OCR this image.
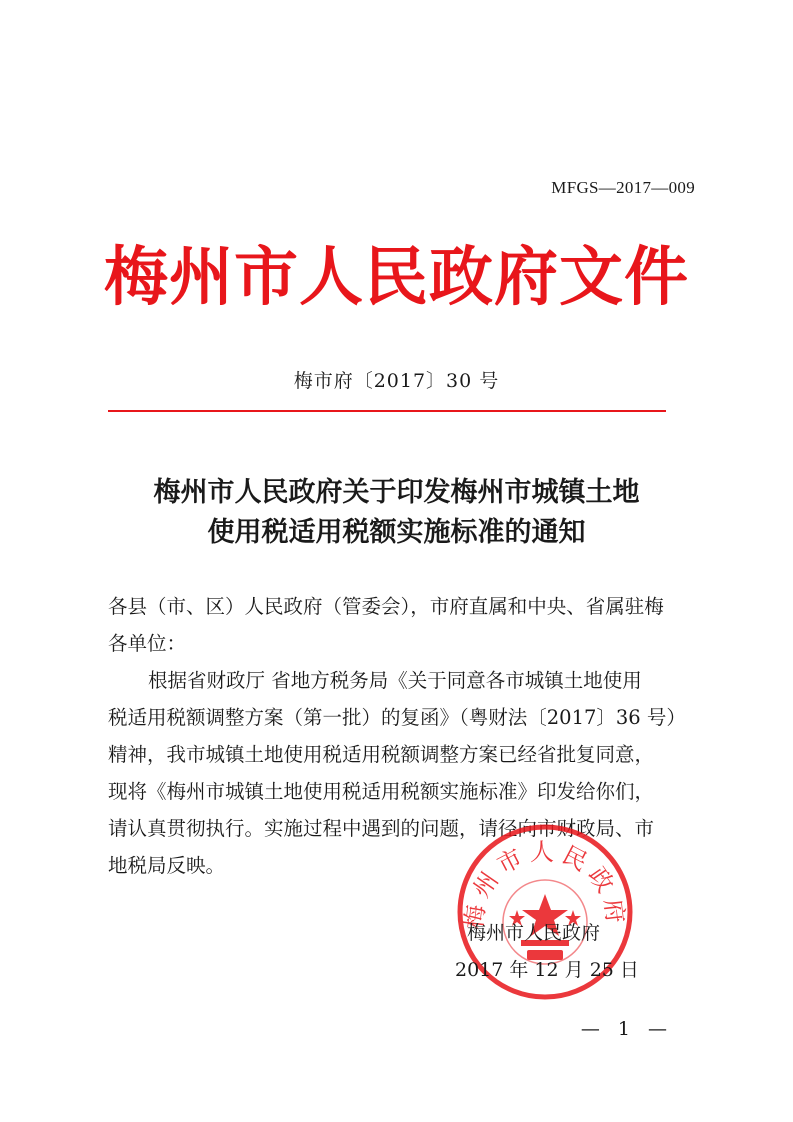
MFGS—2017—009
梅州市人民政府文件
梅市府〔2017〕30 号
梅州市人民政府关于印发梅州市城镇土地
使用税适用税额实施标准的通知

各县（市、区）人民政府（管委会），市府直属和中央、省属驻梅

各单位：

根据省财政厅 省地方税务局《关于同意各市城镇土地使用

税适用税额调整方案（第一批）的复函》（粤财法〔2017〕36 号）

精神，我市城镇土地使用税适用税额调整方案已经省批复同意，

现将《梅州市城镇土地使用税适用税额实施标准》印发给你们，

请认真贯彻执行。实施过程中遇到的问题，请径向市财政局、市

地税局反映。

梅州市人民政府
梅州市人民政府
2017 年 12 月 25 日
— 1 —
